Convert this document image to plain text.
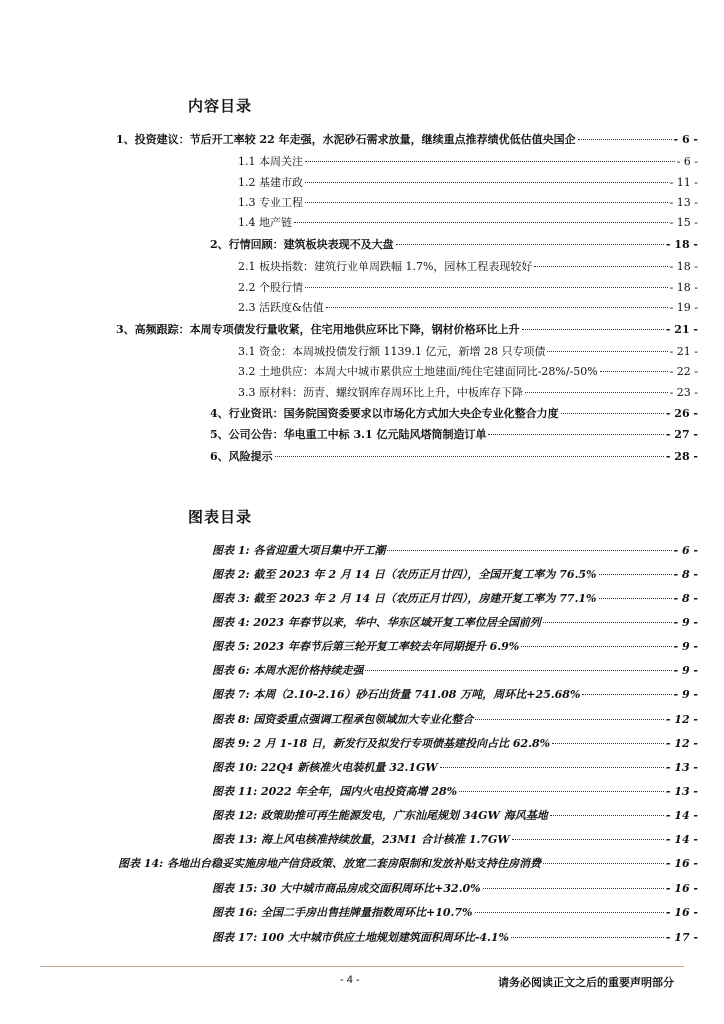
内容目录
1、投资建议：节后开工率较 22 年走强，水泥砂石需求放量，继续重点推荐绩优低估值央国企	- 6 -
1.1 本周关注	- 6 -
1.2 基建市政	- 11 -
1.3 专业工程	- 13 -
1.4 地产链	- 15 -
2、行情回顾：建筑板块表现不及大盘	- 18 -
2.1 板块指数：建筑行业单周跌幅 1.7%，园林工程表现较好	- 18 -
2.2 个股行情	- 18 -
2.3 活跃度&估值	- 19 -
3、高频跟踪：本周专项债发行量收紧，住宅用地供应环比下降，钢材价格环比上升	- 21 -
3.1 资金：本周城投债发行额 1139.1 亿元，新增 28 只专项债	- 21 -
3.2 土地供应：本周大中城市累供应土地建面/纯住宅建面同比-28%/-50%	- 22 -
3.3 原材料：沥青、螺纹钢库存周环比上升，中板库存下降	- 23 -
4、行业资讯：国务院国资委要求以市场化方式加大央企专业化整合力度	- 26 -
5、公司公告：华电重工中标 3.1 亿元陆风塔筒制造订单	- 27 -
6、风险提示	- 28 -
图表目录
图表 1: 各省迎重大项目集中开工潮	- 6 -
图表 2: 截至 2023 年 2 月 14 日（农历正月廿四），全国开复工率为 76.5%	- 8 -
图表 3: 截至 2023 年 2 月 14 日（农历正月廿四），房建开复工率为 77.1%	- 8 -
图表 4: 2023 年春节以来，华中、华东区域开复工率位居全国前列	- 9 -
图表 5: 2023 年春节后第三轮开复工率较去年同期提升 6.9%	- 9 -
图表 6: 本周水泥价格持续走强	- 9 -
图表 7: 本周（2.10-2.16）砂石出货量 741.08 万吨，周环比+25.68%	- 9 -
图表 8: 国资委重点强调工程承包领域加大专业化整合	- 12 -
图表 9: 2 月 1-18 日，新发行及拟发行专项债基建投向占比 62.8%	- 12 -
图表 10: 22Q4 新核准火电装机量 32.1GW	- 13 -
图表 11: 2022 年全年，国内火电投资高增 28%	- 13 -
图表 12: 政策助推可再生能源发电，广东汕尾规划 34GW 海风基地	- 14 -
图表 13: 海上风电核准持续放量，23M1 合计核准 1.7GW	- 14 -
图表 14: 各地出台稳妥实施房地产信贷政策、放宽二套房限制和发放补贴支持住房消费	- 16 -
图表 15: 30 大中城市商品房成交面积周环比+32.0%	- 16 -
图表 16: 全国二手房出售挂牌量指数周环比+10.7%	- 16 -
图表 17: 100 大中城市供应土地规划建筑面积周环比-4.1%	- 17 -
- 4 -	请务必阅读正文之后的重要声明部分
